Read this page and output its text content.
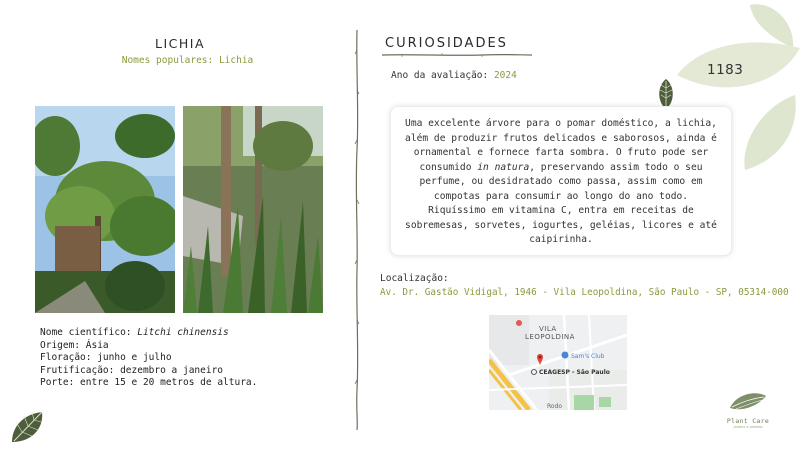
1183
LICHIA
Nomes populares: Lichia
Nome científico: Litchi chinensis
Origem: Ásia
Floração: junho e julho
Frutificação: dezembro a janeiro
Porte: entre 15 e 20 metros de altura.
CURIOSIDADES
Ano da avaliação: 2024
Uma excelente árvore para o pomar doméstico, a lichia, além de produzir frutos delicados e saborosos, ainda é ornamental e fornece farta sombra. O fruto pode ser consumido in natura, preservando assim todo o seu perfume, ou desidratado como passa, assim como em compotas para consumir ao longo do ano todo. Riquíssimo em vitamina C, entra em receitas de sobremesas, sorvetes, iogurtes, geléias, licores e até caipirinha.
Localização:
Av. Dr. Gastão Vidigal, 1946 - Vila Leopoldina, São Paulo - SP, 05314-000
VILA
LEOPOLDINA
Sam's Club
CEAGESP - São Paulo
Rodo
Plant Care
jardins e plantas
